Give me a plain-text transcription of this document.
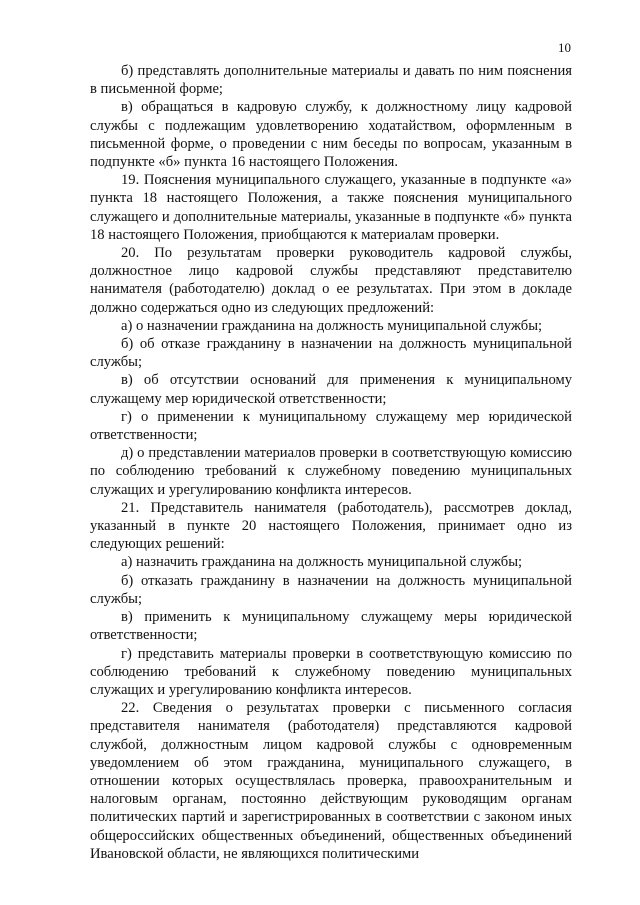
10

б) представлять дополнительные материалы и давать по ним пояснения в письменной форме;

в) обращаться в кадровую службу, к должностному лицу кадровой службы с подлежащим удовлетворению ходатайством, оформленным в письменной форме, о проведении с ним беседы по вопросам, указанным в подпункте «б» пункта 16 настоящего Положения.

19. Пояснения муниципального служащего, указанные в подпункте «а» пункта 18 настоящего Положения, а также пояснения муниципального служащего и дополнительные материалы, указанные в подпункте «б» пункта 18 настоящего Положения, приобщаются к материалам проверки.

20. По результатам проверки руководитель кадровой службы, должностное лицо кадровой службы представляют представителю нанимателя (работодателю) доклад о ее результатах. При этом в докладе должно содержаться одно из следующих предложений:

а) о назначении гражданина на должность муниципальной службы;

б) об отказе гражданину в назначении на должность муниципальной службы;

в) об отсутствии оснований для применения к муниципальному служащему мер юридической ответственности;

г) о применении к муниципальному служащему мер юридической ответственности;

д) о представлении материалов проверки в соответствующую комиссию по соблюдению требований к служебному поведению муниципальных служащих и урегулированию конфликта интересов.

21. Представитель нанимателя (работодатель), рассмотрев доклад, указанный в пункте 20 настоящего Положения, принимает одно из следующих решений:

а) назначить гражданина на должность муниципальной службы;

б) отказать гражданину в назначении на должность муниципальной службы;

в) применить к муниципальному служащему меры юридической ответственности;

г) представить материалы проверки в соответствующую комиссию по соблюдению требований к служебному поведению муниципальных служащих и урегулированию конфликта интересов.

22. Сведения о результатах проверки с письменного согласия представителя нанимателя (работодателя) представляются кадровой службой, должностным лицом кадровой службы с одновременным уведомлением об этом гражданина, муниципального служащего, в отношении которых осуществлялась проверка, правоохранительным и налоговым органам, постоянно действующим руководящим органам политических партий и зарегистрированных в соответствии с законом иных общероссийских общественных объединений, общественных объединений Ивановской области, не являющихся политическими
